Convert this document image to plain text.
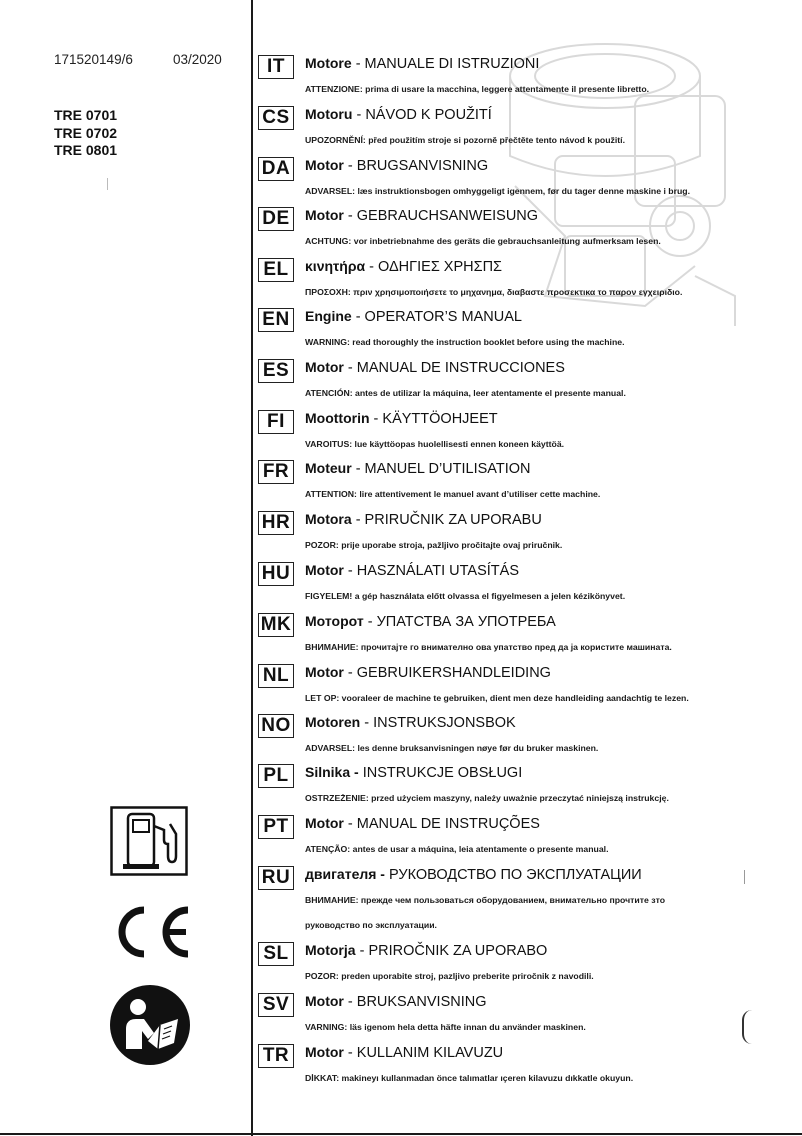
171520149/6	03/2020
TRE 0701
TRE 0702
TRE 0801
IT	Motore - MANUALE DI ISTRUZIONI
ATTENZIONE: prima di usare la macchina, leggere attentamente il presente libretto.
CS	Motoru - NÁVOD K POUŽITÍ
UPOZORNĚNÍ: před použitím stroje si pozorně přečtěte tento návod k použití.
DA Motor - BRUGSANVISNING
ADVARSEL: læs instruktionsbogen omhyggeligt igennem, før du tager denne maskine i brug.
DE	Motor - GEBRAUCHSANWEISUNG
ACHTUNG: vor inbetriebnahme des geräts die gebrauchsanleitung aufmerksam lesen.
EL	κινητήρα - ΟΔΗΓΙΕΣ ΧΡΗΣΠΣ
ΠΡΟΣΟΧΗ: πριν χρησιμοποιήσετε το μηχανημα, διαβαστε προσεκτικα το παρον εγχειριδιο.
EN	Engine - OPERATOR’S MANUAL
WARNING: read thoroughly the instruction booklet before using the machine.
ES	Motor - MANUAL DE INSTRUCCIONES
ATENCIÓN: antes de utilizar la máquina, leer atentamente el presente manual.
FI	Moottorin - KÄYTTÖOHJEET
VAROITUS: lue käyttöopas huolellisesti ennen koneen käyttöä.
FR	Moteur - MANUEL D’UTILISATION
ATTENTION: lire attentivement le manuel avant d’utiliser cette machine.
HR Motora - PRIRUČNIK ZA UPORABU
POZOR: prije uporabe stroja, pažljivo pročitajte ovaj priručnik.
HU Motor - HASZNÁLATI UTASÍTÁS
FIGYELEM! a gép használata előtt olvassa el figyelmesen a jelen kézikönyvet.
MK Моторот - УПАТСТВА ЗА УПОТРЕБА
ВНИМАНИЕ: прочитајте го внимателно ова упатство пред да ја користите машината.
NL	Motor - GEBRUIKERSHANDLEIDING
LET OP: vooraleer de machine te gebruiken, dient men deze handleiding aandachtig te lezen.
NO Motoren - INSTRUKSJONSBOK
ADVARSEL: les denne bruksanvisningen nøye før du bruker maskinen.
PL	Silnika - INSTRUKCJE OBSŁUGI
OSTRZEŻENIE: przed użyciem maszyny, należy uważnie przeczytać niniejszą instrukcję.
PT	Motor - MANUAL DE INSTRUÇÕES
ATENÇÃO: antes de usar a máquina, leia atentamente o presente manual.
RU двигателя - РУКОВОДСТВО ПО ЭКСПЛУАТАЦИИ
ВНИМАНИЕ: прежде чем пользоваться оборудованием, внимательно прочтите зто
руководство по эксплуатации.
SL	Motorja - PRIROČNIK ZA UPORABO
POZOR: preden uporabite stroj, pazljivo preberite priročnik z navodili.
SV	Motor - BRUKSANVISNING
VARNING: läs igenom hela detta häfte innan du använder maskinen.
TR	Motor - KULLANIM KILAVUZU
DİKKAT: makineyı kullanmadan önce talımatlar ıçeren kilavuzu dıkkatle okuyun.
